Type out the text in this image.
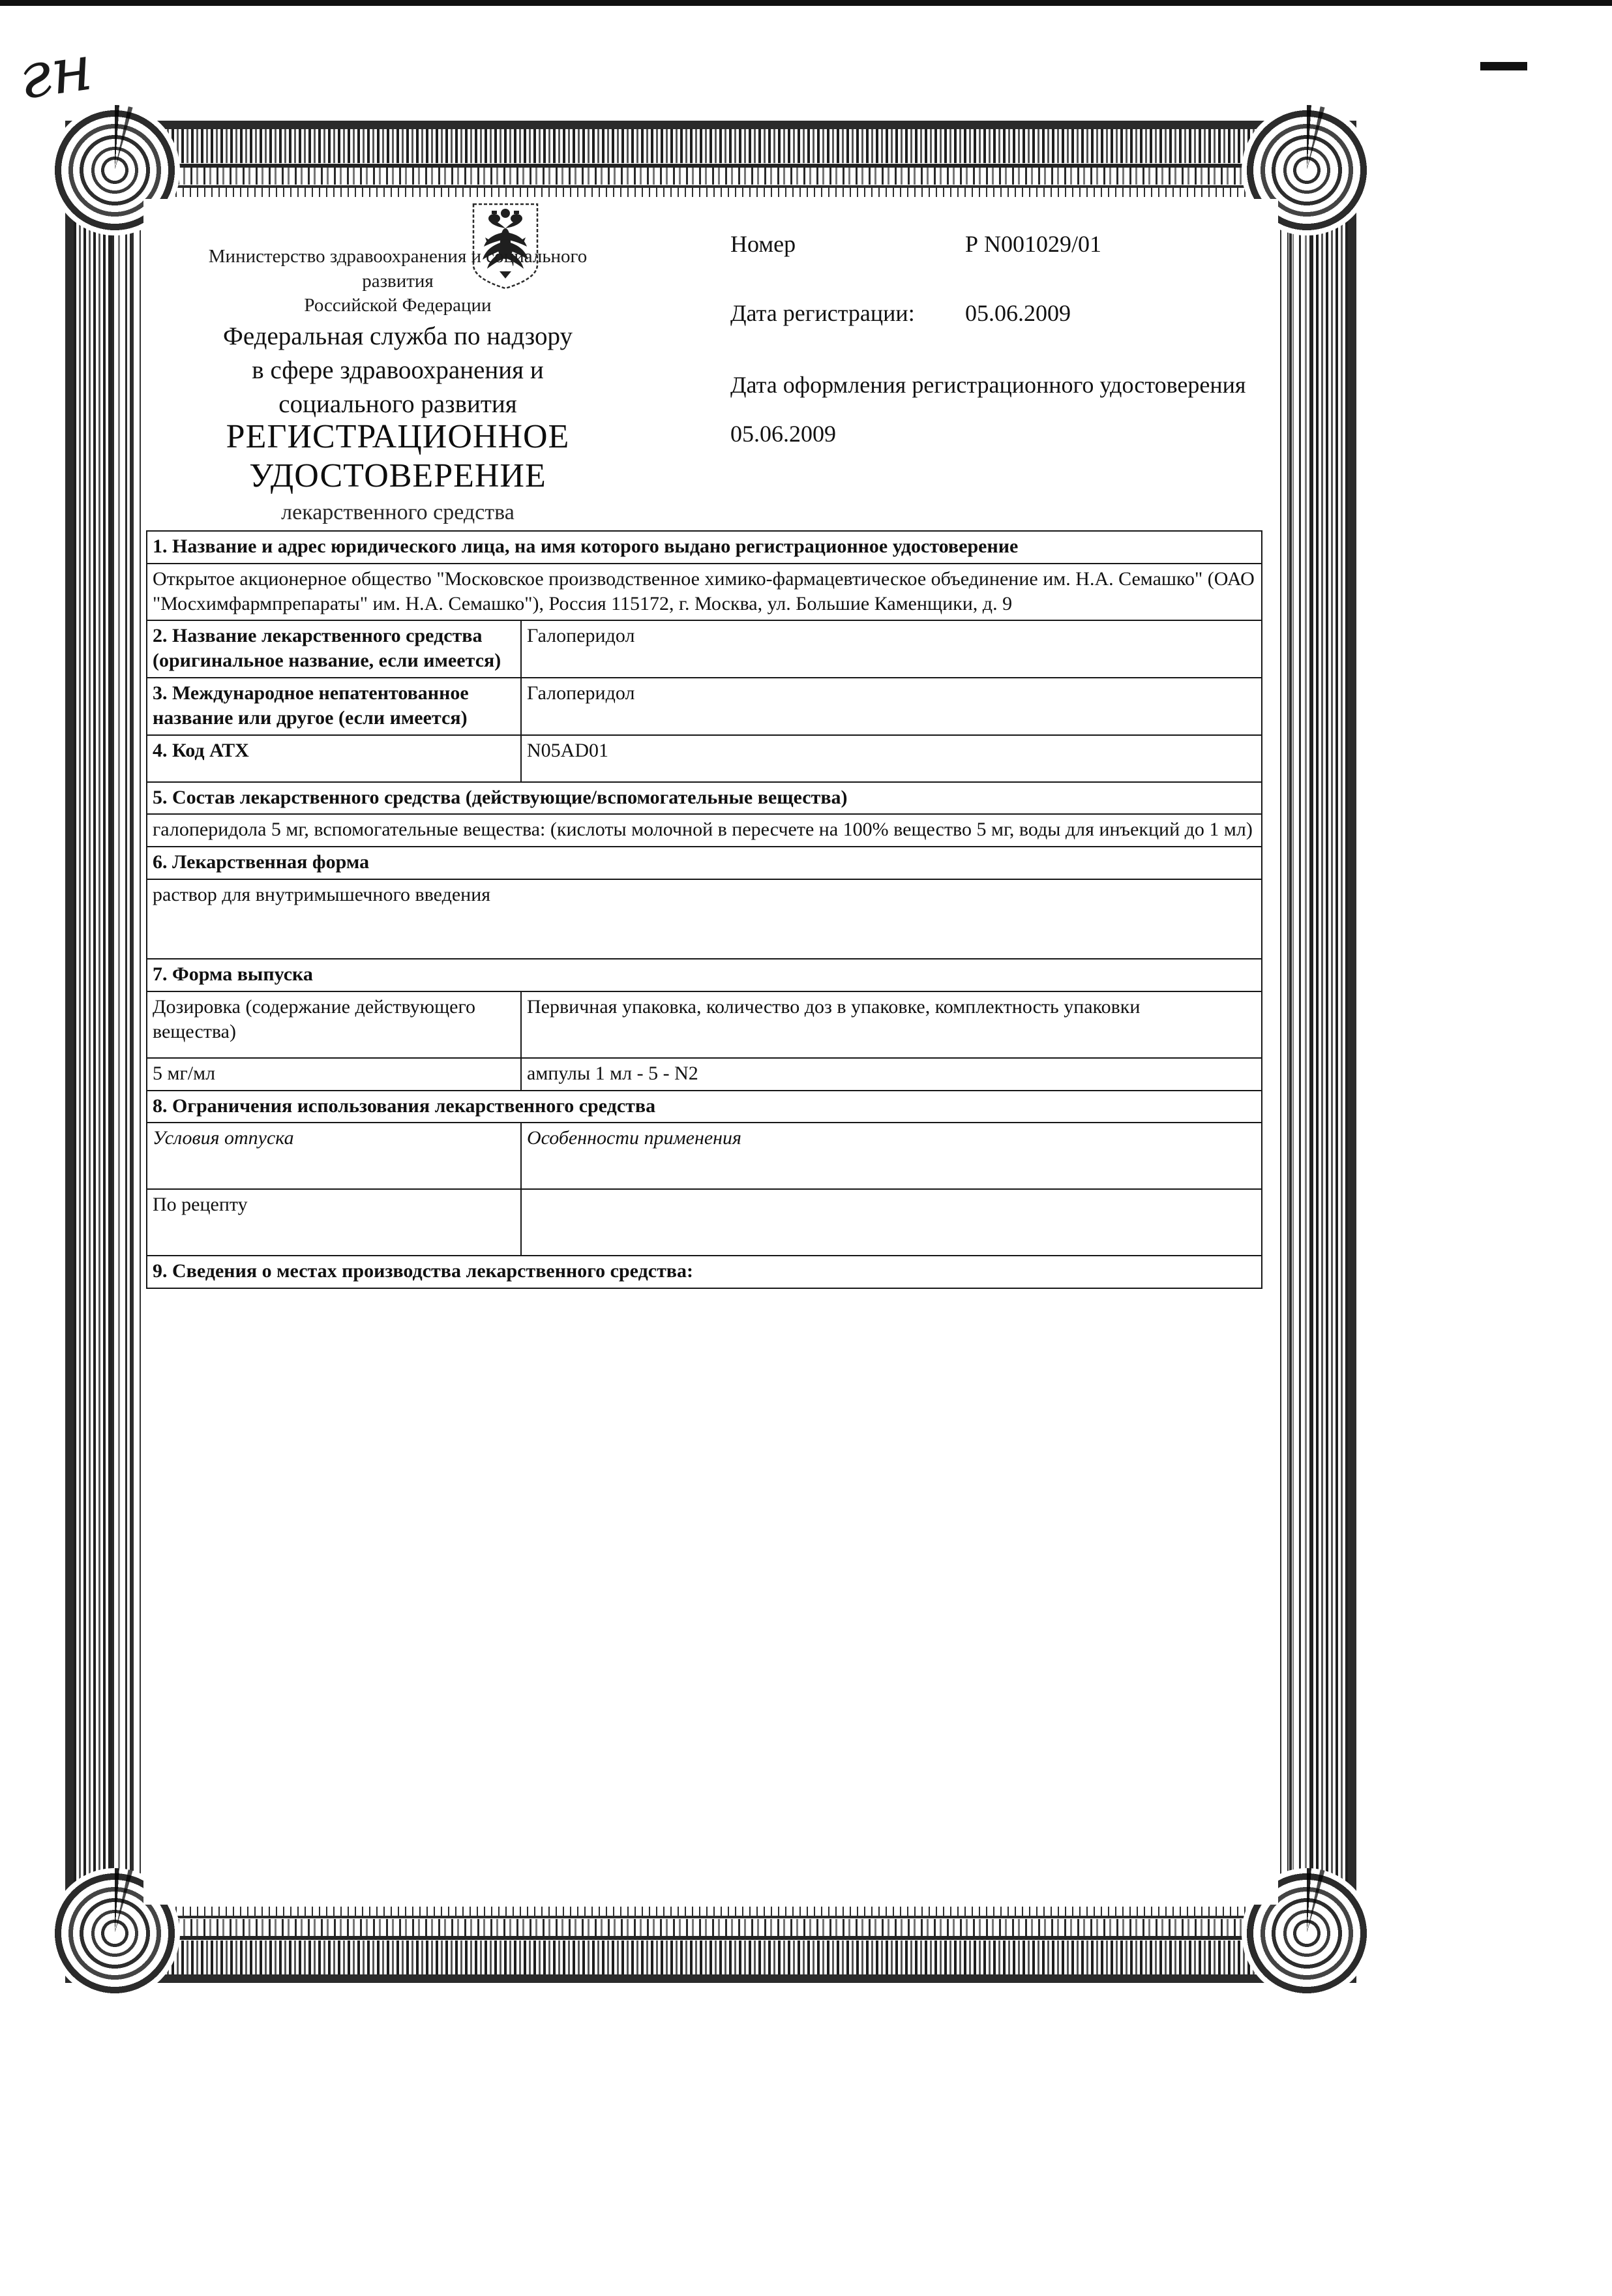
гн
Министерство здравоохранения и социального
развития
Российской Федерации
Федеральная служба по надзору
в сфере здравоохранения и
социального развития
РЕГИСТРАЦИОННОЕ
УДОСТОВЕРЕНИЕ
лекарственного средства
Номер	Р N001029/01
Дата регистрации: 05.06.2009
Дата оформления регистрационного удостоверения
05.06.2009
1. Название и адрес юридического лица, на имя которого выдано регистрационное удостоверение	
Открытое акционерное общество "Московское производственное химико-фармацевтическое объединение им. Н.А. Семашко" (ОАО "Мосхимфармпрепараты" им. Н.А. Семашко"), Россия 115172, г. Москва, ул. Большие Каменщики, д. 9	
2. Название лекарственного средства (оригинальное название, если имеется)	Галоперидол
3. Международное непатентованное название или другое (если имеется)	Галоперидол
4. Код АТХ	N05AD01
5. Состав лекарственного средства (действующие/вспомогательные вещества)	
галоперидола 5 мг, вспомогательные вещества: (кислоты молочной в пересчете на 100% вещество 5 мг, воды для инъекций до 1 мл)	
6. Лекарственная форма	
раствор для внутримышечного введения	
7. Форма выпуска	
Дозировка (содержание действующего вещества)	Первичная упаковка, количество доз в упаковке, комплектность упаковки
5 мг/мл	ампулы 1 мл - 5 - N2
8. Ограничения использования лекарственного средства	
Условия отпуска	Особенности применения
По рецепту	
9. Сведения о местах производства лекарственного средства:	
